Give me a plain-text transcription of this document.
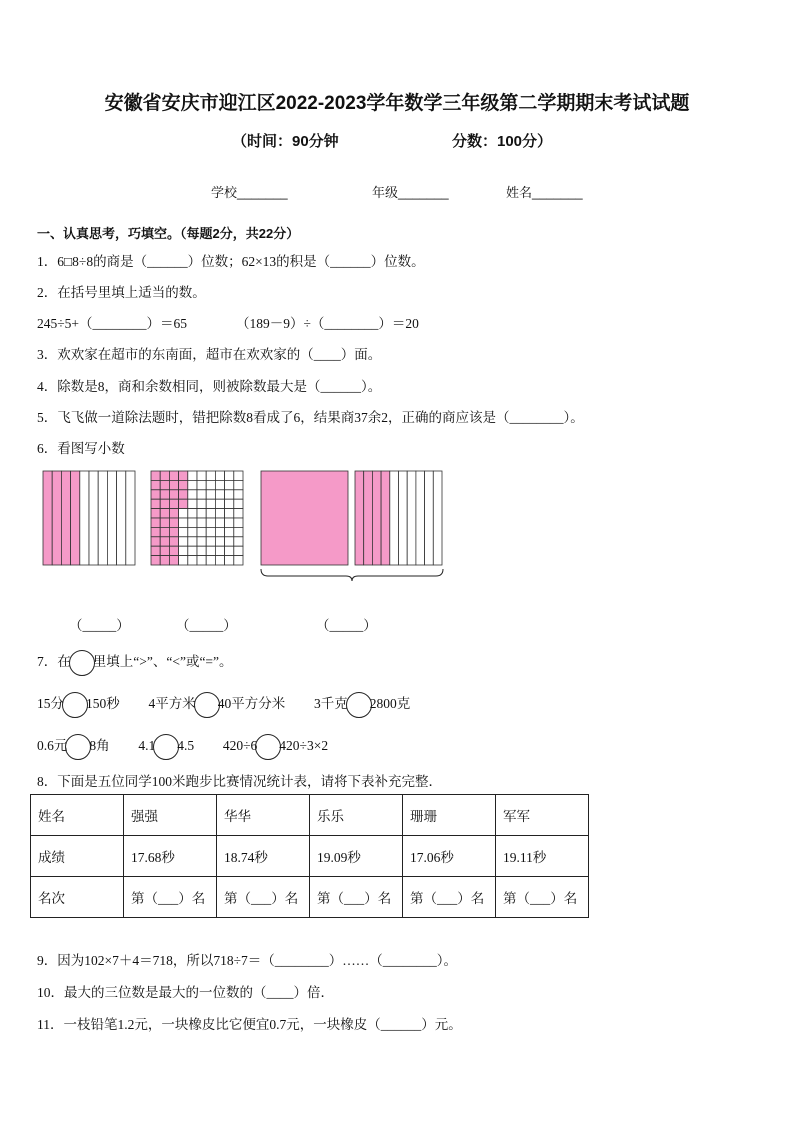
安徽省安庆市迎江区2022-2023学年数学三年级第二学期期末考试试题
（时间：90分钟	分数：100分）
学校_______	年级_______	姓名_______
一、认真思考，巧填空。（每题2分，共22分）
1．6□8÷8的商是（______）位数；62×13的积是（______）位数。
2．在括号里填上适当的数。
245÷5+（________）＝65	（189－9）÷（________）＝20
3．欢欢家在超市的东南面，超市在欢欢家的（____）面。
4．除数是8，商和余数相同，则被除数最大是（______）。
5．飞飞做一道除法题时，错把除数8看成了6，结果商37余2，正确的商应该是（________）。
6．看图写小数
（_____）	（_____）	（_____）
7．在 里填上“>”、“<”或“=”。
15分 150秒 4平方米 40平方分米 3千克 2800克
0.6元 8角 4.1 4.5 420÷6 420÷3×2
8．下面是五位同学100米跑步比赛情况统计表，请将下表补充完整．
姓名	强强	华华	乐乐	珊珊	军军
成绩	17.68秒	18.74秒	19.09秒	17.06秒	19.11秒
名次	第（___）名	第（___）名	第（___）名	第（___）名	第（___）名
9．因为102×7＋4＝718，所以718÷7＝（________）……（________）。
10．最大的三位数是最大的一位数的（____）倍．
11．一枝铅笔1.2元，一块橡皮比它便宜0.7元，一块橡皮（______）元。
